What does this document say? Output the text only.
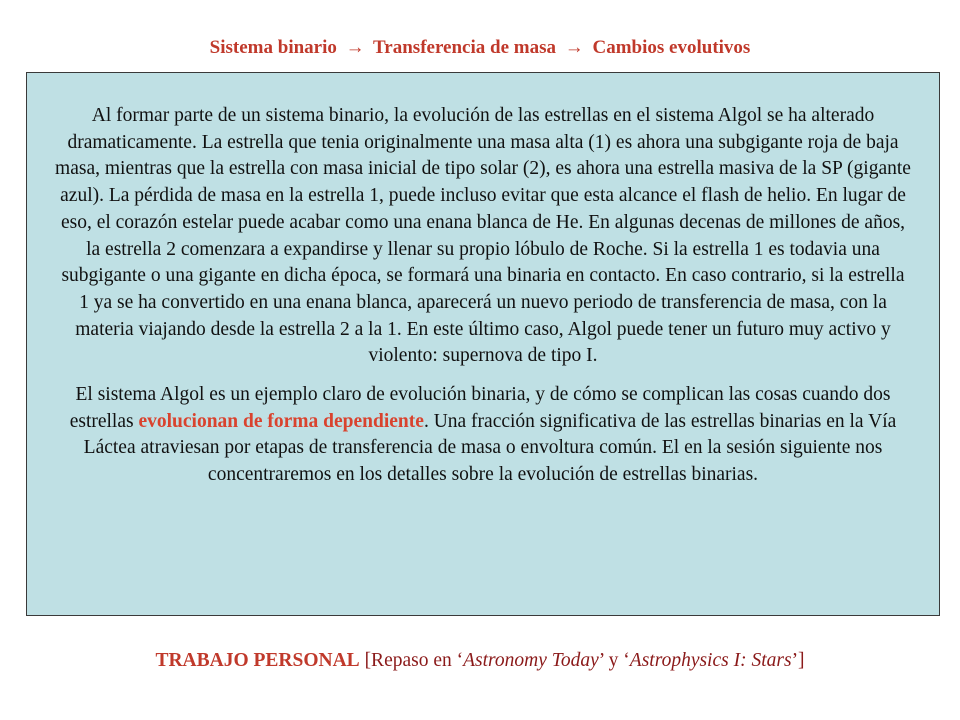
Sistema binario → Transferencia de masa → Cambios evolutivos

Al formar parte de un sistema binario, la evolución de las estrellas en el sistema Algol se ha alterado dramaticamente. La estrella que tenia originalmente una masa alta (1) es ahora una subgigante roja de baja masa, mientras que la estrella con masa inicial de tipo solar (2), es ahora una estrella masiva de la SP (gigante azul). La pérdida de masa en la estrella 1, puede incluso evitar que esta alcance el flash de helio. En lugar de eso, el corazón estelar puede acabar como una enana blanca de He. En algunas decenas de millones de años, la estrella 2 comenzara a expandirse y llenar su propio lóbulo de Roche. Si la estrella 1 es todavia una subgigante o una gigante en dicha época, se formará una binaria en contacto. En caso contrario, si la estrella 1 ya se ha convertido en una enana blanca, aparecerá un nuevo periodo de transferencia de masa, con la materia viajando desde la estrella 2 a la 1. En este último caso, Algol puede tener un futuro muy activo y violento: supernova de tipo I.

El sistema Algol es un ejemplo claro de evolución binaria, y de cómo se complican las cosas cuando dos estrellas evolucionan de forma dependiente. Una fracción significativa de las estrellas binarias en la Vía Láctea atraviesan por etapas de transferencia de masa o envoltura común. El en la sesión siguiente nos concentraremos en los detalles sobre la evolución de estrellas binarias.

TRABAJO PERSONAL [Repaso en ‘Astronomy Today’ y ‘Astrophysics I: Stars’]
